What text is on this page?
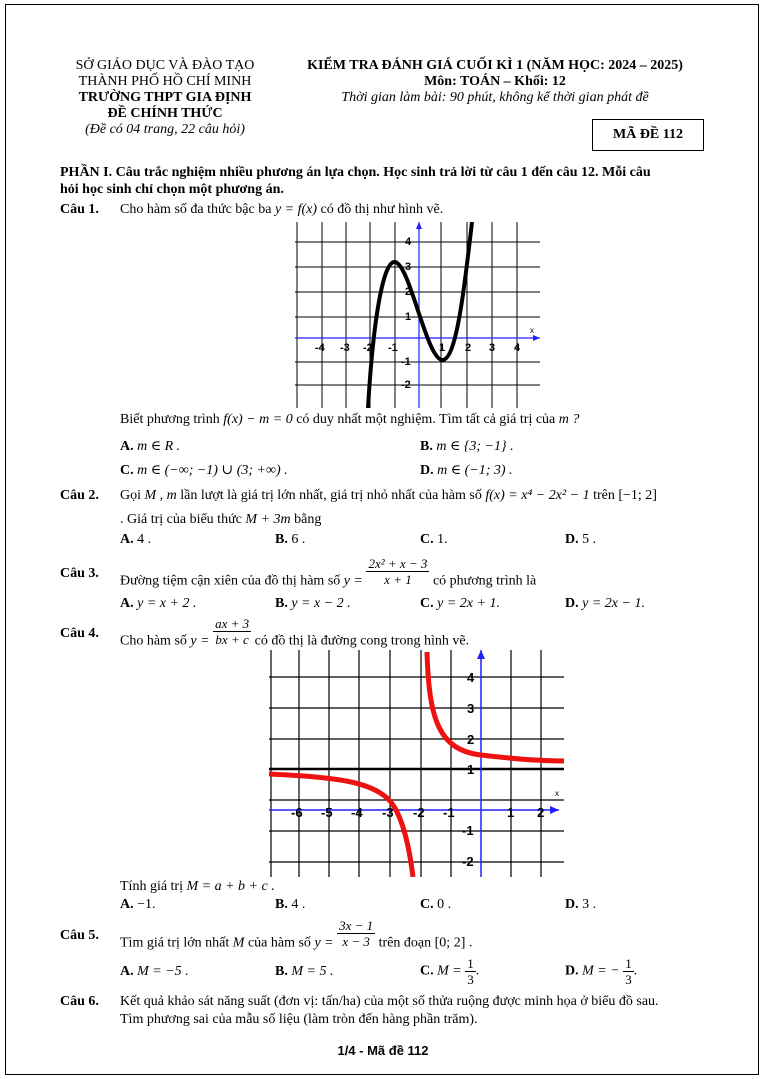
SỞ GIÁO DỤC VÀ ĐÀO TẠO
THÀNH PHỐ HỒ CHÍ MINH
TRƯỜNG THPT GIA ĐỊNH
ĐỀ CHÍNH THỨC
(Đề có 04 trang, 22 câu hỏi)
KIỂM TRA ĐÁNH GIÁ CUỐI KÌ 1 (NĂM HỌC: 2024 – 2025)
Môn: TOÁN – Khối: 12
Thời gian làm bài: 90 phút, không kể thời gian phát đề
MÃ ĐỀ 112
PHẦN I. Câu trắc nghiệm nhiều phương án lựa chọn. Học sinh trả lời từ câu 1 đến câu 12. Mỗi câu
hỏi học sinh chỉ chọn một phương án.
Câu 1. Cho hàm số đa thức bậc ba y = f(x) có đồ thị như hình vẽ.
-4 -3 -2 -1	1 2 3 4
4
3
2
1
-1
-2
x
Biết phương trình f(x) − m = 0 có duy nhất một nghiệm. Tìm tất cả giá trị của m ?
A. m ∈ R .	B. m ∈ {3; −1} .
C. m ∈ (−∞; −1) ∪ (3; +∞) .	D. m ∈ (−1; 3) .
Câu 2. Gọi M , m lần lượt là giá trị lớn nhất, giá trị nhỏ nhất của hàm số f(x) = x⁴ − 2x² − 1 trên [−1; 2]
. Giá trị của biểu thức M + 3m bằng
A. 4 .	B. 6 .	C. 1.	D. 5 .
Câu 3.
Đường tiệm cận xiên của đồ thị hàm số $y = \frac{\text{2x² + x − 3}}{x + 1}$ có phương trình là
A. y = x + 2 .	B. y = x − 2 .	C. y = 2x + 1.	D. y = 2x − 1.
Câu 4.
Cho hàm số $y = \frac{ax + 3}{bx + c}$ có đồ thị là đường cong trong hình vẽ.
-6 -5 -4 -3 -2 -1	1 2
4
3
2
1
-1
-2
x
Tính giá trị M = a + b + c .
A. −1.	B. 4 .	C. 0 .	D. 3 .
Câu 5.
Tìm giá trị lớn nhất M của hàm số $y = \frac{3x - 1}{x - 3}$ trên đoạn [0; 2] .
A. M = −5 .	B. M = 5 .	C. $M = \frac{1}{3}$ .	D. M = − $\frac{1}{3}$ .
Câu 6. Kết quả khảo sát năng suất (đơn vị: tấn/ha) của một số thửa ruộng được minh họa ở biểu đồ sau.
Tìm phương sai của mẫu số liệu (làm tròn đến hàng phần trăm).
1/4 - Mã đề 112
